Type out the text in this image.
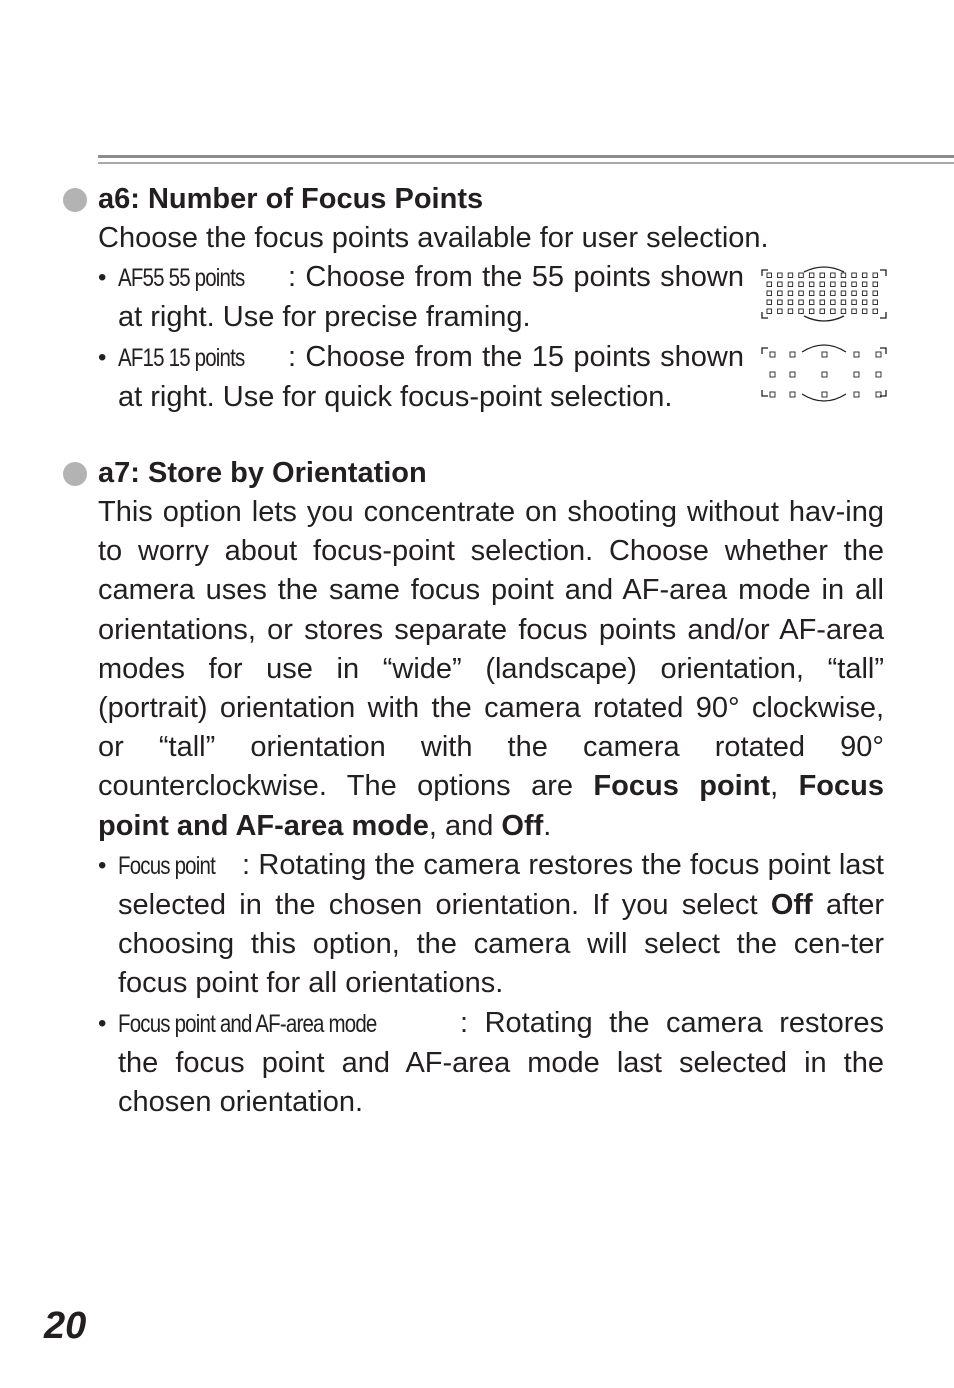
a6: Number of Focus Points

Choose the focus points available for user selection.

• AF55 55 points : Choose from the 55 points shown at right. Use for precise framing.
• AF15 15 points : Choose from the 15 points shown at right. Use for quick focus-point selection.
a7: Store by Orientation

This option lets you concentrate on shooting without hav-ing to worry about focus-point selection. Choose whether the camera uses the same focus point and AF-area mode in all orientations, or stores separate focus points and/or AF-area modes for use in “wide” (landscape) orientation, “tall” (portrait) orientation with the camera rotated 90° clockwise, or “tall” orientation with the camera rotated 90° counterclockwise. The options are Focus point, Focus point and AF-area mode, and Off.

• Focus point : Rotating the camera restores the focus point last selected in the chosen orientation. If you select Off after choosing this option, the camera will select the cen-ter focus point for all orientations.
• Focus point and AF-area mode	: Rotating the camera restores the focus point and AF-area mode last selected in the chosen orientation.
20
